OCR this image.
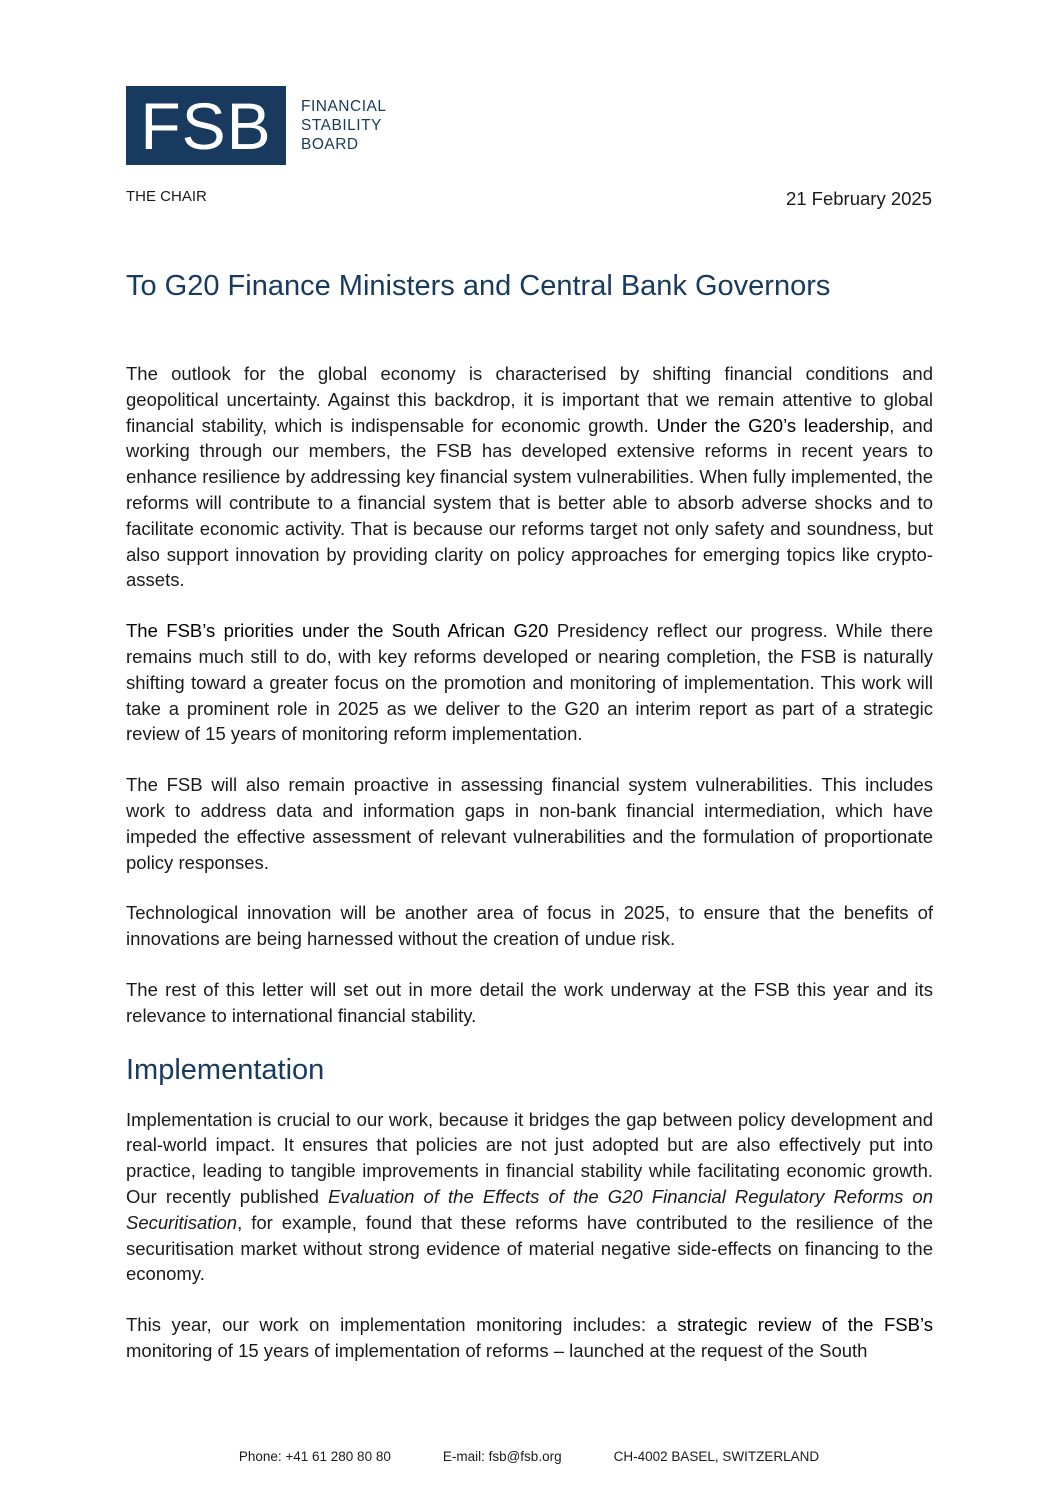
FSB	FINANCIAL
STABILITY
BOARD
THE CHAIR	21 February 2025
To G20 Finance Ministers and Central Bank Governors

The outlook for the global economy is characterised by shifting financial conditions and geopolitical uncertainty. Against this backdrop, it is important that we remain attentive to global financial stability, which is indispensable for economic growth. Under the G20’s leadership, and working through our members, the FSB has developed extensive reforms in recent years to enhance resilience by addressing key financial system vulnerabilities. When fully implemented, the reforms will contribute to a financial system that is better able to absorb adverse shocks and to facilitate economic activity. That is because our reforms target not only safety and soundness, but also support innovation by providing clarity on policy approaches for emerging topics like crypto-assets.

The FSB’s priorities under the South African G20 Presidency reflect our progress. While there remains much still to do, with key reforms developed or nearing completion, the FSB is naturally shifting toward a greater focus on the promotion and monitoring of implementation. This work will take a prominent role in 2025 as we deliver to the G20 an interim report as part of a strategic review of 15 years of monitoring reform implementation.

The FSB will also remain proactive in assessing financial system vulnerabilities. This includes work to address data and information gaps in non-bank financial intermediation, which have impeded the effective assessment of relevant vulnerabilities and the formulation of proportionate policy responses.

Technological innovation will be another area of focus in 2025, to ensure that the benefits of innovations are being harnessed without the creation of undue risk.

The rest of this letter will set out in more detail the work underway at the FSB this year and its relevance to international financial stability.

Implementation

Implementation is crucial to our work, because it bridges the gap between policy development and real-world impact. It ensures that policies are not just adopted but are also effectively put into practice, leading to tangible improvements in financial stability while facilitating economic growth. Our recently published Evaluation of the Effects of the G20 Financial Regulatory Reforms on Securitisation, for example, found that these reforms have contributed to the resilience of the securitisation market without strong evidence of material negative side-effects on financing to the economy.

This year, our work on implementation monitoring includes: a strategic review of the FSB’s monitoring of 15 years of implementation of reforms – launched at the request of the South

Phone: +41 61 280 80 80	E-mail: fsb@fsb.org	CH-4002 BASEL, SWITZERLAND
